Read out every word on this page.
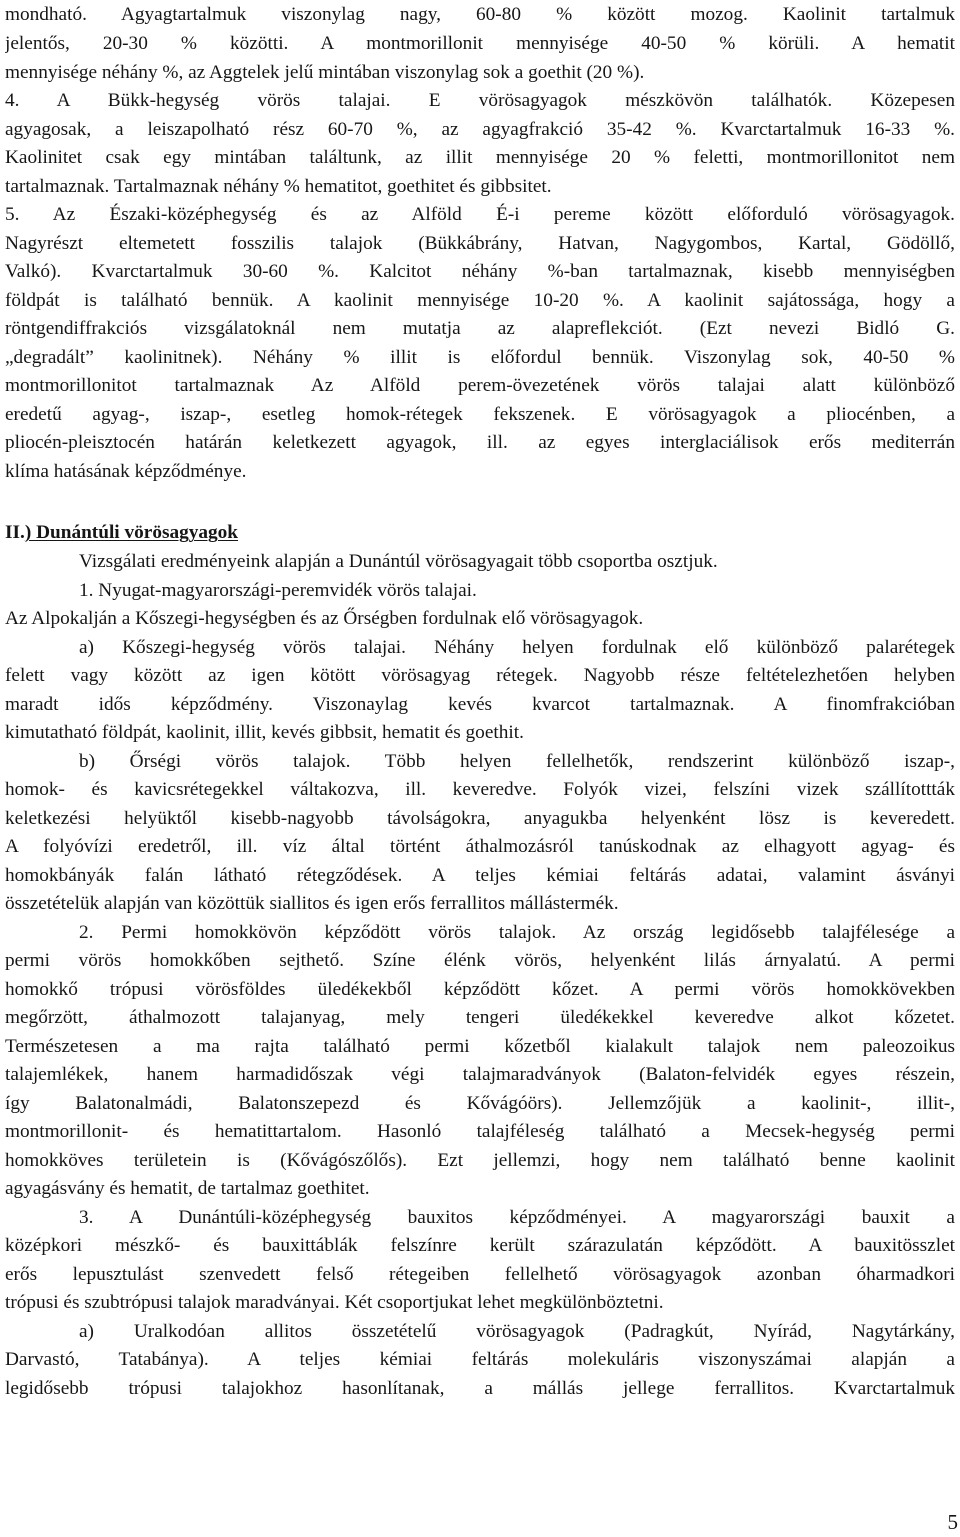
mondható. Agyagtartalmuk viszonylag nagy, 60-80 % között mozog. Kaolinit tartalmuk
jelentős, 20-30 % közötti. A montmorillonit mennyisége 40-50 % körüli. A hematit
mennyisége néhány %, az Aggtelek jelű mintában viszonylag sok a goethit (20 %).
4. A Bükk-hegység vörös talajai. E vörösagyagok mészkövön találhatók. Közepesen
agyagosak, a leiszapolható rész 60-70 %, az agyagfrakció 35-42 %. Kvarctartalmuk 16-33 %.
Kaolinitet csak egy mintában találtunk, az illit mennyisége 20 % feletti, montmorillonitot nem
tartalmaznak. Tartalmaznak néhány % hematitot, goethitet és gibbsitet.
5. Az Északi-középhegység és az Alföld É-i pereme között előforduló vörösagyagok.
Nagyrészt eltemetett fosszilis talajok (Bükkábrány, Hatvan, Nagygombos, Kartal, Gödöllő,
Valkó). Kvarctartalmuk 30-60 %. Kalcitot néhány %-ban tartalmaznak, kisebb mennyiségben
földpát is található bennük. A kaolinit mennyisége 10-20 %. A kaolinit sajátossága, hogy a
röntgendiffrakciós vizsgálatoknál nem mutatja az alapreflekciót. (Ezt nevezi Bidló G.
„degradált” kaolinitnek). Néhány % illit is előfordul bennük. Viszonylag sok, 40-50 %
montmorillonitot tartalmaznak Az Alföld perem-övezetének vörös talajai alatt különböző
eredetű agyag-, iszap-, esetleg homok-rétegek fekszenek. E vörösagyagok a pliocénben, a
pliocén-pleisztocén határán keletkezett agyagok, ill. az egyes interglaciálisok erős mediterrán
klíma hatásának képződménye.
II.) Dunántúli vörösagyagok
Vizsgálati eredményeink alapján a Dunántúl vörösagyagait több csoportba osztjuk.
1. Nyugat-magyarországi-peremvidék vörös talajai.
Az Alpokalján a Kőszegi-hegységben és az Őrségben fordulnak elő vörösagyagok.
a) Kőszegi-hegység vörös talajai. Néhány helyen fordulnak elő különböző palarétegek
felett vagy között az igen kötött vörösagyag rétegek. Nagyobb része feltételezhetően helyben
maradt idős képződmény. Viszonaylag kevés kvarcot tartalmaznak. A finomfrakcióban
kimutatható földpát, kaolinit, illit, kevés gibbsit, hematit és goethit.
b) Őrségi vörös talajok. Több helyen fellelhetők, rendszerint különböző iszap-,
homok- és kavicsrétegekkel váltakozva, ill. keveredve. Folyók vizei, felszíni vizek szállítottták
keletkezési helyüktől kisebb-nagyobb távolságokra, anyagukba helyenként lösz is keveredett.
A folyóvízi eredetről, ill. víz által történt áthalmozásról tanúskodnak az elhagyott agyag- és
homokbányák falán látható rétegződések. A teljes kémiai feltárás adatai, valamint ásványi
összetételük alapján van közöttük siallitos és igen erős ferrallitos mállástermék.
2. Permi homokkövön képződött vörös talajok. Az ország legidősebb talajfélesége a
permi vörös homokkőben sejthető. Színe élénk vörös, helyenként lilás árnyalatú. A permi
homokkő trópusi vörösföldes üledékekből képződött kőzet. A permi vörös homokkövekben
megőrzött, áthalmozott talajanyag, mely tengeri üledékekkel keveredve alkot kőzetet.
Természetesen a ma rajta található permi kőzetből kialakult talajok nem paleozoikus
talajemlékek, hanem harmadidőszak végi talajmaradványok (Balaton-felvidék egyes részein,
így Balatonalmádi, Balatonszepezd és Kővágóörs). Jellemzőjük a kaolinit-, illit-,
montmorillonit- és hematittartalom. Hasonló talajféleség található a Mecsek-hegység permi
homokköves területein is (Kővágószőlős). Ezt jellemzi, hogy nem található benne kaolinit
agyagásvány és hematit, de tartalmaz goethitet.
3. A Dunántúli-középhegység bauxitos képződményei. A magyarországi bauxit a
középkori mészkő- és bauxittáblák felszínre került szárazulatán képződött. A bauxitösszlet
erős lepusztulást szenvedett felső rétegeiben fellelhető vörösagyagok azonban óharmadkori
trópusi és szubtrópusi talajok maradványai. Két csoportjukat lehet megkülönböztetni.
a) Uralkodóan allitos összetételű vörösagyagok (Padragkút, Nyírád, Nagytárkány,
Darvastó, Tatabánya). A teljes kémiai feltárás molekuláris viszonyszámai alapján a
legidősebb trópusi talajokhoz hasonlítanak, a mállás jellege ferrallitos. Kvarctartalmuk
5
